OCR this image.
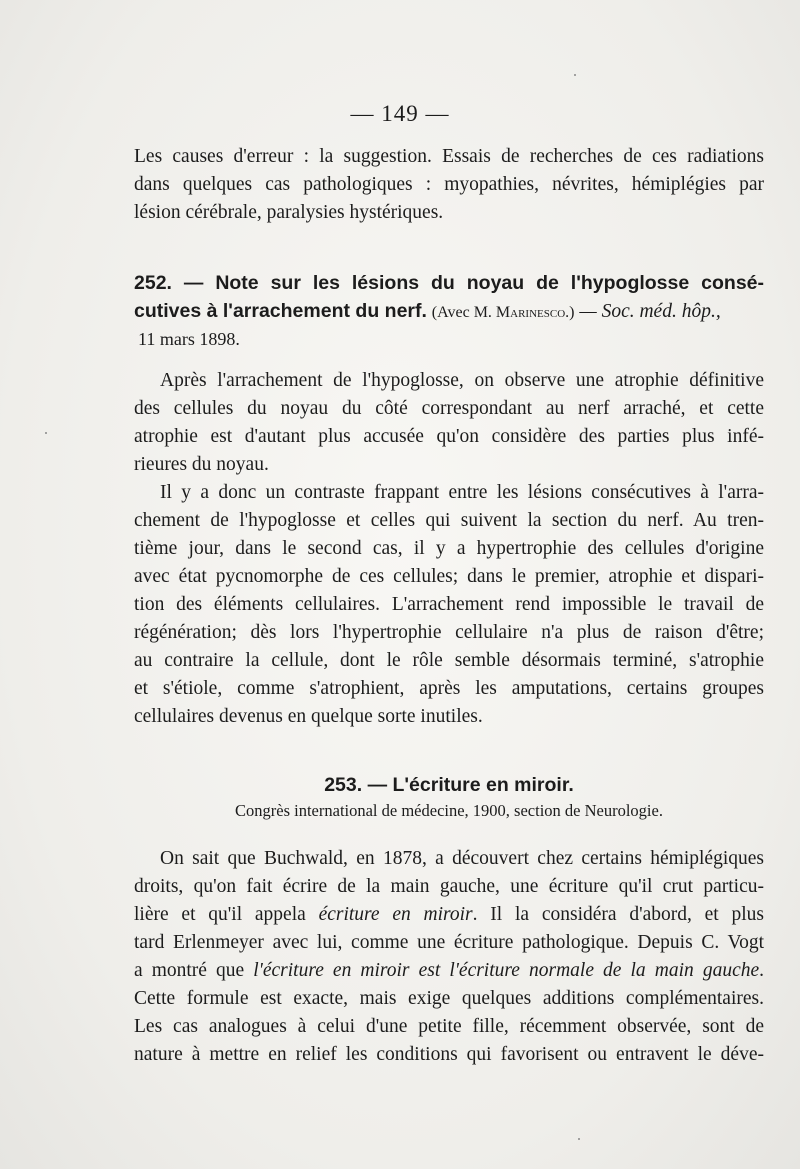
— 149 —
Les causes d'erreur : la suggestion. Essais de recherches de ces radiations
dans quelques cas pathologiques : myopathies, névrites, hémiplégies par
lésion cérébrale, paralysies hystériques.
252. — Note sur les lésions du noyau de l'hypoglosse consé-
cutives à l'arrachement du nerf. (Avec M. Marinesco.) — Soc. méd. hôp.,
11 mars 1898.
Après l'arrachement de l'hypoglosse, on observe une atrophie définitive
des cellules du noyau du côté correspondant au nerf arraché, et cette
atrophie est d'autant plus accusée qu'on considère des parties plus infé-
rieures du noyau.
Il y a donc un contraste frappant entre les lésions consécutives à l'arra-
chement de l'hypoglosse et celles qui suivent la section du nerf. Au tren-
tième jour, dans le second cas, il y a hypertrophie des cellules d'origine
avec état pycnomorphe de ces cellules; dans le premier, atrophie et dispari-
tion des éléments cellulaires. L'arrachement rend impossible le travail de
régénération; dès lors l'hypertrophie cellulaire n'a plus de raison d'être;
au contraire la cellule, dont le rôle semble désormais terminé, s'atrophie
et s'étiole, comme s'atrophient, après les amputations, certains groupes
cellulaires devenus en quelque sorte inutiles.
253. — L'écriture en miroir.
Congrès international de médecine, 1900, section de Neurologie.
On sait que Buchwald, en 1878, a découvert chez certains hémiplégiques
droits, qu'on fait écrire de la main gauche, une écriture qu'il crut particu-
lière et qu'il appela écriture en miroir. Il la considéra d'abord, et plus
tard Erlenmeyer avec lui, comme une écriture pathologique. Depuis C. Vogt
a montré que l'écriture en miroir est l'écriture normale de la main gauche.
Cette formule est exacte, mais exige quelques additions complémentaires.
Les cas analogues à celui d'une petite fille, récemment observée, sont de
nature à mettre en relief les conditions qui favorisent ou entravent le déve-
